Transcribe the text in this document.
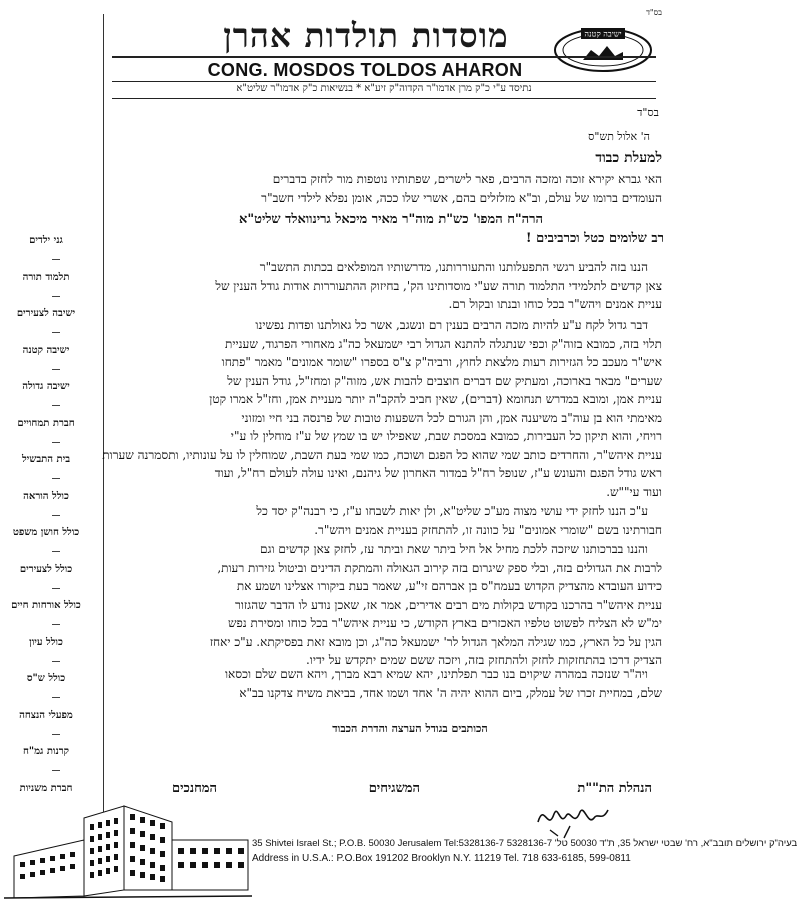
בס"ד
ישיבה קטנה
מוסדות תולדות אהרן
CONG. MOSDOS TOLDOS AHARON
נתיסד ע"י כ"ק מרן אדמו"ר הקדוה"ק זיע"א * בנשיאות כ"ק אדמו"ר שליט"א
גני ילדים
תלמוד תורה
ישיבה לצעירים
ישיבה קטנה
ישיבה גדולה
חברת תמחויים
בית התבשיל
כולל הוראה
כולל חושן משפט
כולל לצעירים
כולל אורחות חיים
כולל עיון
כולל ש"ס
מפעלי הנצחה
קרנות גמ"ח
חברת משניות
בס"ד
ה' אלול תש"ס
למעלת כבוד
האי גברא יקירא זוכה ומזכה הרבים, פאר לישרים, שפתותיו נוטפות מור לחזק בדברים
העומדים ברומו של עולם, וב"א מזלזלים בהם, אשרי שלו ככה, אומן נפלא לילדי חשב"ר
הרה"ח המפו' כש"ת מוה"ר מאיר מיכאל גרינוואלד שליט"א
רב שלומים כטל וכרביבים !
הננו בזה להביע רגשי התפעלותנו והתעוררותנו, מדרשותיו המופלאים בכתות התשב"ר
צאן קדשים לתלמידי התלמוד תורה שע"י מוסדותינו הק', בחיזוק ההתעוררות אודות גודל הענין של
עניית אמנים ויהש"ר בכל כוחו ובנתו ובקול רם.
דבר גדול לקח ע"ע להיות מזכה הרבים בענין רם ונשגב, אשר כל גאולתנו ופדות נפשינו
תלוי בזה, כמובא בזוה"ק וכפי שנתגלה להתנא הגדול רבי ישמעאל כה"ג מאחורי הפרגוד, שעניית
איש"ר מעכב כל הגזירות רעות מלצאת לחוץ, ורביה"ק צ"ס בספרו "שומר אמונים" מאמר "פתחו
שערים" מבאר בארוכה, ומעתיק שם דברים חוצבים להבות אש, מזוה"ק ומחז"ל, גודל הענין של
עניית אמן, ומובא במדרש תנחומא (דברים), שאין חביב להקב"ה יותר מעניית אמן, וחז"ל אמרו קטן
מאימתי הוא בן עוה"ב משיענה אמן, והן הגורם לכל השפעות טובות של פרנסה בני חיי ומזוני
רויחי, והוא תיקון כל העבירות, כמובא במסכת שבת, שאפילו יש בו שמץ של ע"ז מוחלין לו ע"י
עניית איהש"ר, והחרדים כותב שמי שהוא כל הפגם ושוכח, כמו שמי בעת השבת, שמוחלין לו על עונותיו, ותסמרנה שערות
ראש גודל הפגם והעונש ע"ז, שנופל רח"ל במדור האחרון של גיהנם, ואינו עולה לעולם רח"ל, ועוד
ועוד עי""ש.
ע"כ הננו לחזק ידי עושי מצוה מע"כ שליט"א, ולן יאות לשבחו ע"ז, כי רבנה"ק יסד כל
חבורתינו בשם "שומרי אמונים" על כוונה זו, להתחזק בעניית אמנים ויהש"ר.
והננו בברכותנו שיזכה ללכת מחיל אל חיל ביתר שאת וביתר עז, לחזק צאן קדשים וגם
לרבות את הגדולים בזה, ובלי ספק שיגרום בזה קירוב הגאולה והמתקת הדינים וביטול גזירות רעות,
כידוע העובדא מהצדיק הקדוש בעמח"ס בן אברהם זי"ע, שאמר בעת ביקורו אצלינו ושמע את
עניית איהש"ר בהרכנו בקודש בקולות מים רבים אדירים, אמר אז, שאכן נודע לו הדבר שהגזור
ימ"ש לא הצליח לפשוט טלפיו האכזרים בארץ הקודש, כי עניית איהש"ר בכל כוחו ומסירת נפש
הגין על כל הארץ, כמו שגילה המלאך הגדול לר' ישמעאל כה"ג, וכן מובא זאת בפסיקתא. ע"כ יאחז
הצדיק דרכו בהתחזקות לחזק ולהתחזק בזה, ויזכה ששם שמים יתקדש על ידיו.
ויה"ר שנזכה במהרה שיקוים בנו כבר תפלתינו, יהא שמיא רבא מברך, ויהא השם שלם וכסאו
שלם, במחיית זכרו של עמלק, ביום ההוא יהיה ה' אחד ושמו אחד, בביאת משיח צדקנו בב"א
הכותבים בגודל הערצה והדרת הכבוד
הנהלת הת""ת
המשגיחים
המחנכים
35 Shivtei Israel St.; P.O.B. 50030 Jerusalem Tel:5328136-7 בעיה"ק ירושלים תובב"א, רח' שבטי ישראל 35, ת"ד 50030 טל' 5328136-7
Address in U.S.A.: P.O.Box 191202 Brooklyn N.Y. 11219 Tel. 718 633-6185, 599-0811
